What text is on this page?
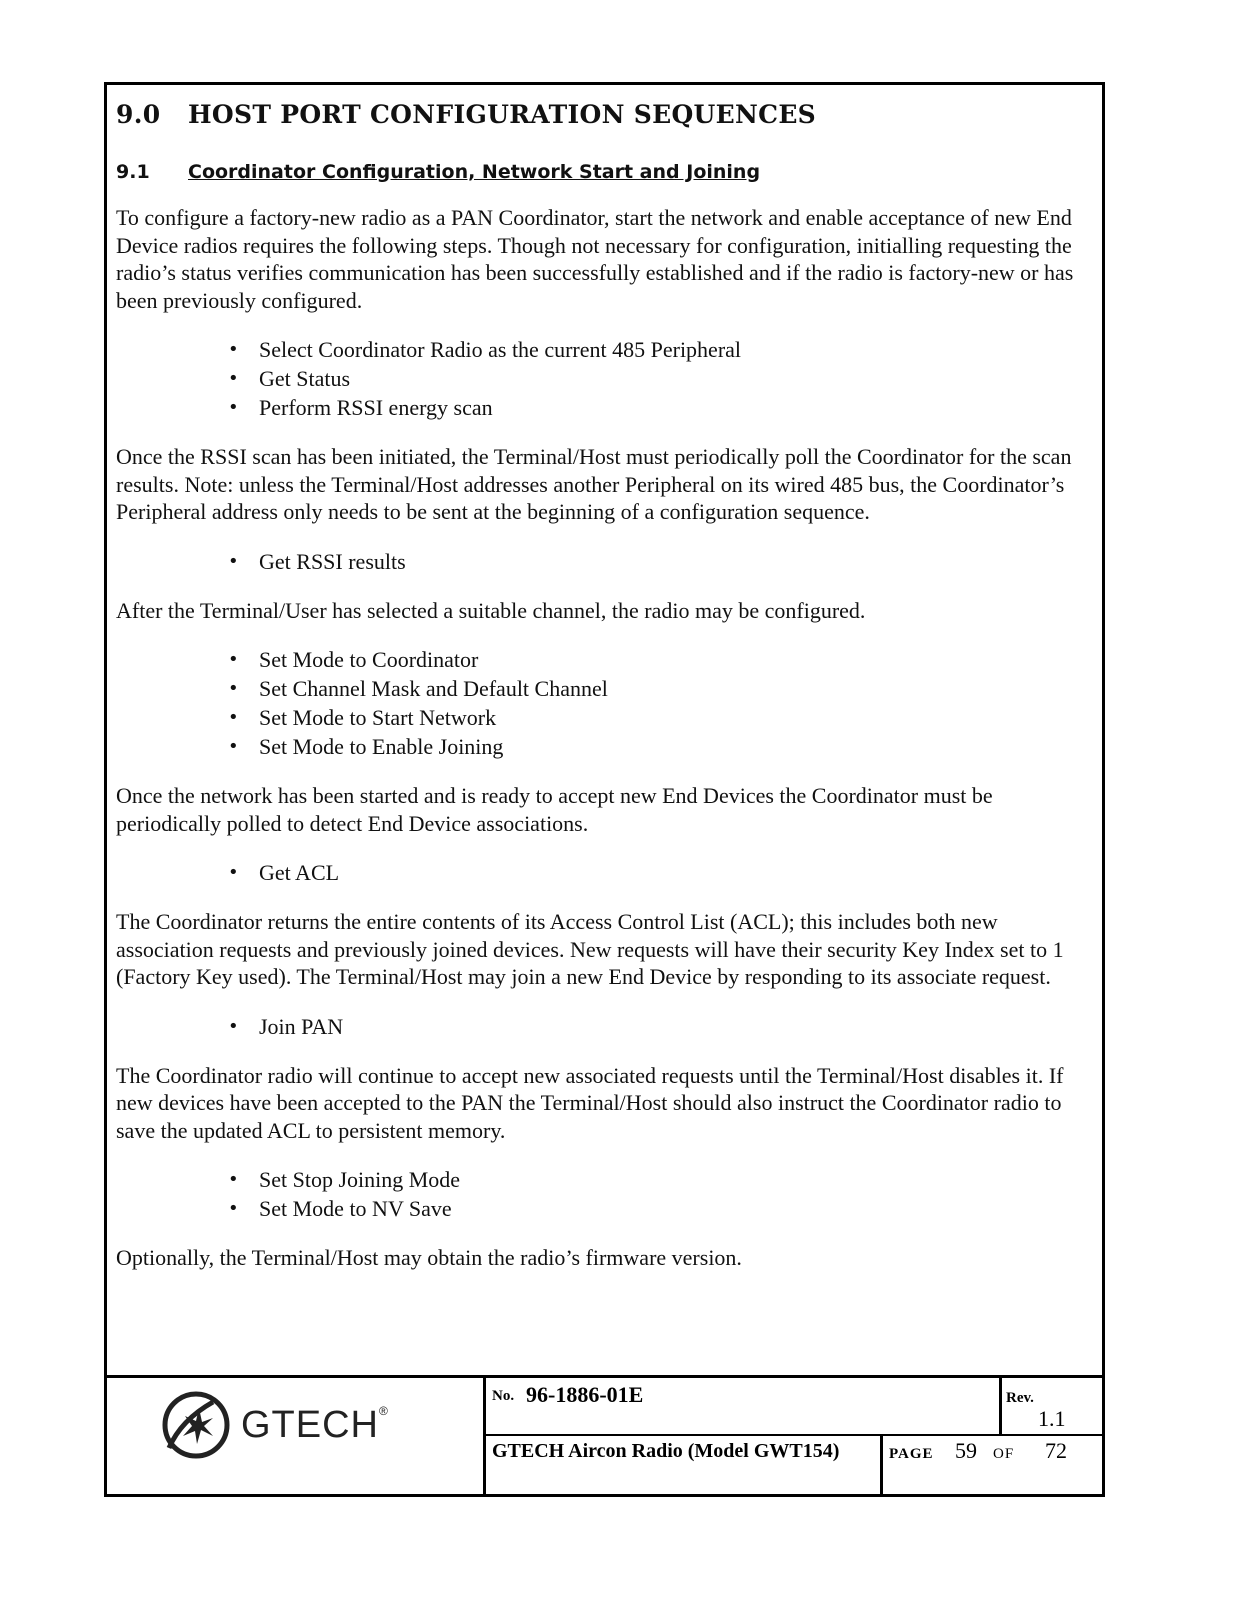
9.0	HOST PORT CONFIGURATION SEQUENCES
9.1	Coordinator Configuration, Network Start and Joining

To configure a factory-new radio as a PAN Coordinator, start the network and enable acceptance of new End Device radios requires the following steps. Though not necessary for configuration, initialling requesting the radio’s status verifies communication has been successfully established and if the radio is factory-new or has been previously configured.

• Select Coordinator Radio as the current 485 Peripheral
• Get Status
• Perform RSSI energy scan

Once the RSSI scan has been initiated, the Terminal/Host must periodically poll the Coordinator for the scan results. Note: unless the Terminal/Host addresses another Peripheral on its wired 485 bus, the Coordinator’s Peripheral address only needs to be sent at the beginning of a configuration sequence.

• Get RSSI results

After the Terminal/User has selected a suitable channel, the radio may be configured.

• Set Mode to Coordinator
• Set Channel Mask and Default Channel
• Set Mode to Start Network
• Set Mode to Enable Joining

Once the network has been started and is ready to accept new End Devices the Coordinator must be periodically polled to detect End Device associations.

• Get ACL

The Coordinator returns the entire contents of its Access Control List (ACL); this includes both new association requests and previously joined devices. New requests will have their security Key Index set to 1 (Factory Key used). The Terminal/Host may join a new End Device by responding to its associate request.

• Join PAN

The Coordinator radio will continue to accept new associated requests until the Terminal/Host disables it. If new devices have been accepted to the PAN the Terminal/Host should also instruct the Coordinator radio to save the updated ACL to persistent memory.

• Set Stop Joining Mode
• Set Mode to NV Save

Optionally, the Terminal/Host may obtain the radio’s firmware version.

GTECH®
No. 96-1886-01E	Rev.
1.1
GTECH Aircon Radio (Model GWT154)	PAGE 59 OF 72
